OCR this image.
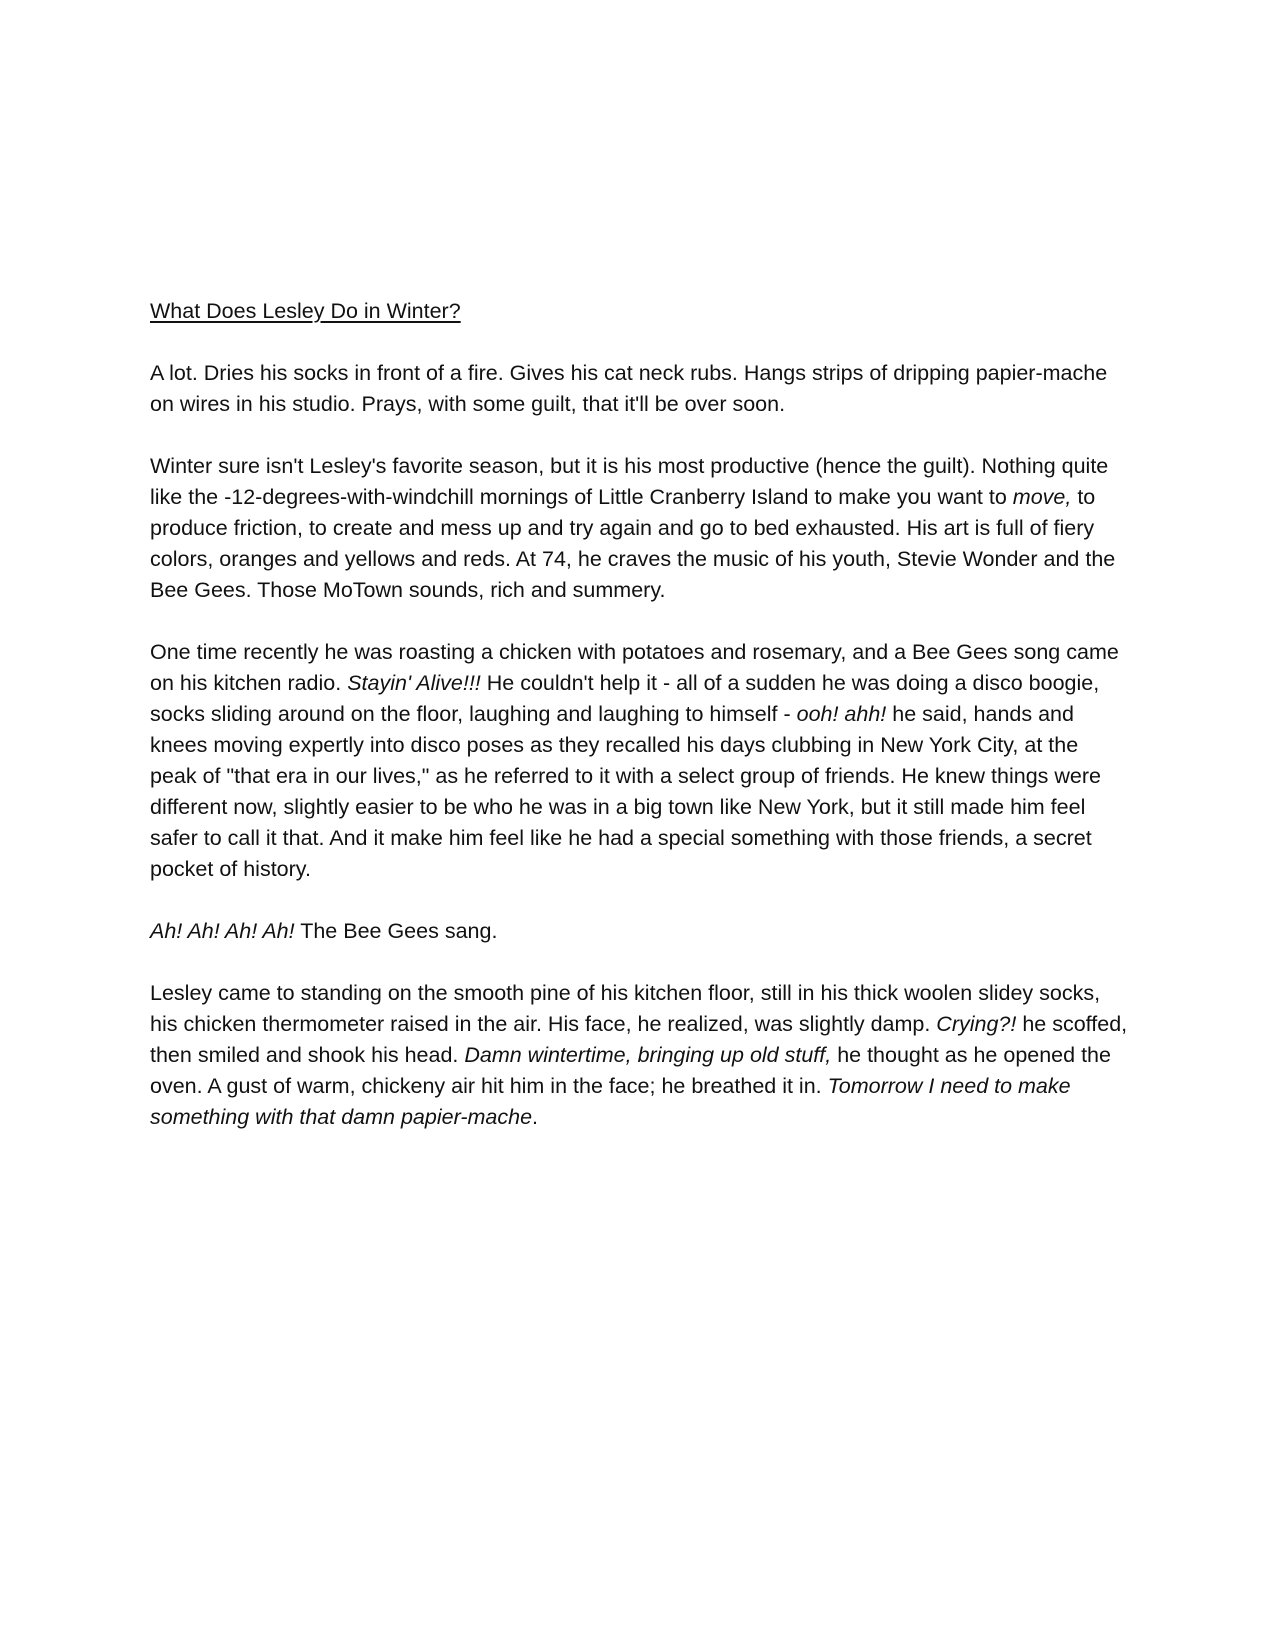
What Does Lesley Do in Winter?

A lot. Dries his socks in front of a fire. Gives his cat neck rubs. Hangs strips of dripping papier-mache on wires in his studio. Prays, with some guilt, that it'll be over soon.

Winter sure isn't Lesley's favorite season, but it is his most productive (hence the guilt). Nothing quite like the -12-degrees-with-windchill mornings of Little Cranberry Island to make you want to move, to produce friction, to create and mess up and try again and go to bed exhausted. His art is full of fiery colors, oranges and yellows and reds. At 74, he craves the music of his youth, Stevie Wonder and the Bee Gees. Those MoTown sounds, rich and summery.

One time recently he was roasting a chicken with potatoes and rosemary, and a Bee Gees song came on his kitchen radio. Stayin' Alive!!! He couldn't help it - all of a sudden he was doing a disco boogie, socks sliding around on the floor, laughing and laughing to himself - ooh! ahh! he said, hands and knees moving expertly into disco poses as they recalled his days clubbing in New York City, at the peak of "that era in our lives," as he referred to it with a select group of friends. He knew things were different now, slightly easier to be who he was in a big town like New York, but it still made him feel safer to call it that. And it make him feel like he had a special something with those friends, a secret pocket of history.

Ah! Ah! Ah! Ah! The Bee Gees sang.

Lesley came to standing on the smooth pine of his kitchen floor, still in his thick woolen slidey socks, his chicken thermometer raised in the air. His face, he realized, was slightly damp. Crying?! he scoffed, then smiled and shook his head. Damn wintertime, bringing up old stuff, he thought as he opened the oven. A gust of warm, chickeny air hit him in the face; he breathed it in. Tomorrow I need to make something with that damn papier-mache.
